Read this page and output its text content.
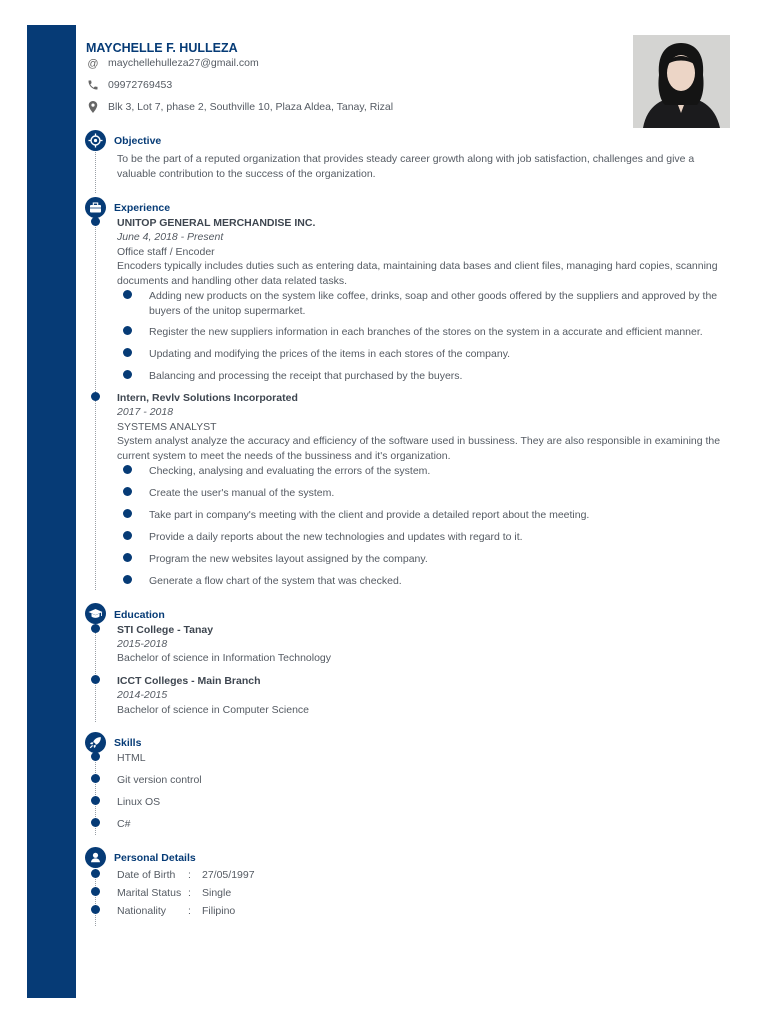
MAYCHELLE F. HULLEZA
@ maychellehulleza27@gmail.com
09972769453
Blk 3, Lot 7, phase 2, Southville 10, Plaza Aldea, Tanay, Rizal
Objective
To be the part of a reputed organization that provides steady career growth along with job satisfaction, challenges and give a valuable contribution to the success of the organization.
Experience
UNITOP GENERAL MERCHANDISE INC.
June 4, 2018 - Present
Office staff / Encoder
Encoders typically includes duties such as entering data, maintaining data bases and client files, managing hard copies, scanning documents and handling other data related tasks.
Adding new products on the system like coffee, drinks, soap and other goods offered by the suppliers and approved by the buyers of the unitop supermarket.
Register the new suppliers information in each branches of the stores on the system in a accurate and efficient manner.
Updating and modifying the prices of the items in each stores of the company.
Balancing and processing the receipt that purchased by the buyers.
Intern, Revlv Solutions Incorporated
2017 - 2018
SYSTEMS ANALYST
System analyst analyze the accuracy and efficiency of the software used in bussiness. They are also responsible in examining the current system to meet the needs of the bussiness and it's organization.
Checking, analysing and evaluating the errors of the system.
Create the user's manual of the system.
Take part in company's meeting with the client and provide a detailed report about the meeting.
Provide a daily reports about the new technologies and updates with regard to it.
Program the new websites layout assigned by the company.
Generate a flow chart of the system that was checked.
Education
STI College - Tanay
2015-2018
Bachelor of science in Information Technology
ICCT Colleges - Main Branch
2014-2015
Bachelor of science in Computer Science
Skills
HTML
Git version control
Linux OS
C#
Personal Details
Date of Birth : 27/05/1997
Marital Status : Single
Nationality : Filipino
